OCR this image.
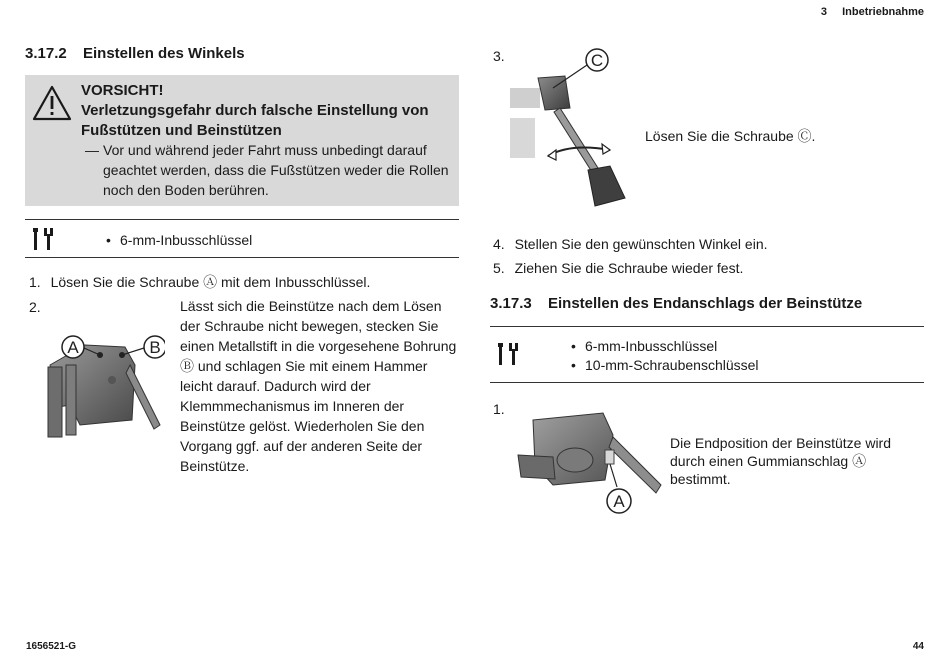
3 Inbetriebnahme
3.17.2 Einstellen des Winkels
VORSICHT!
Verletzungsgefahr durch falsche Einstellung von Fußstützen und Beinstützen
— Vor und während jeder Fahrt muss unbedingt darauf geachtet werden, dass die Fußstützen weder die Rollen noch den Boden berühren.
• 6-mm-Inbusschlüssel
1. Lösen Sie die Schraube Ⓐ mit dem Inbusschlüssel.
2.
A	B
Lässt sich die Beinstütze nach dem Lösen der Schraube nicht bewegen, stecken Sie einen Metallstift in die vorgesehene Bohrung Ⓑ und schlagen Sie mit einem Hammer leicht darauf. Dadurch wird der Klemmmechanismus im Inneren der Beinstütze gelöst. Wiederholen Sie den Vorgang ggf. auf der anderen Seite der Beinstütze.
3.	C
Lösen Sie die Schraube Ⓒ.
4. Stellen Sie den gewünschten Winkel ein.
5. Ziehen Sie die Schraube wieder fest.
3.17.3 Einstellen des Endanschlags der Beinstütze
• 6-mm-Inbusschlüssel
• 10-mm-Schraubenschlüssel
1.
A
Die Endposition der Beinstütze wird durch einen Gummianschlag Ⓐ bestimmt.
1656521-G	44
